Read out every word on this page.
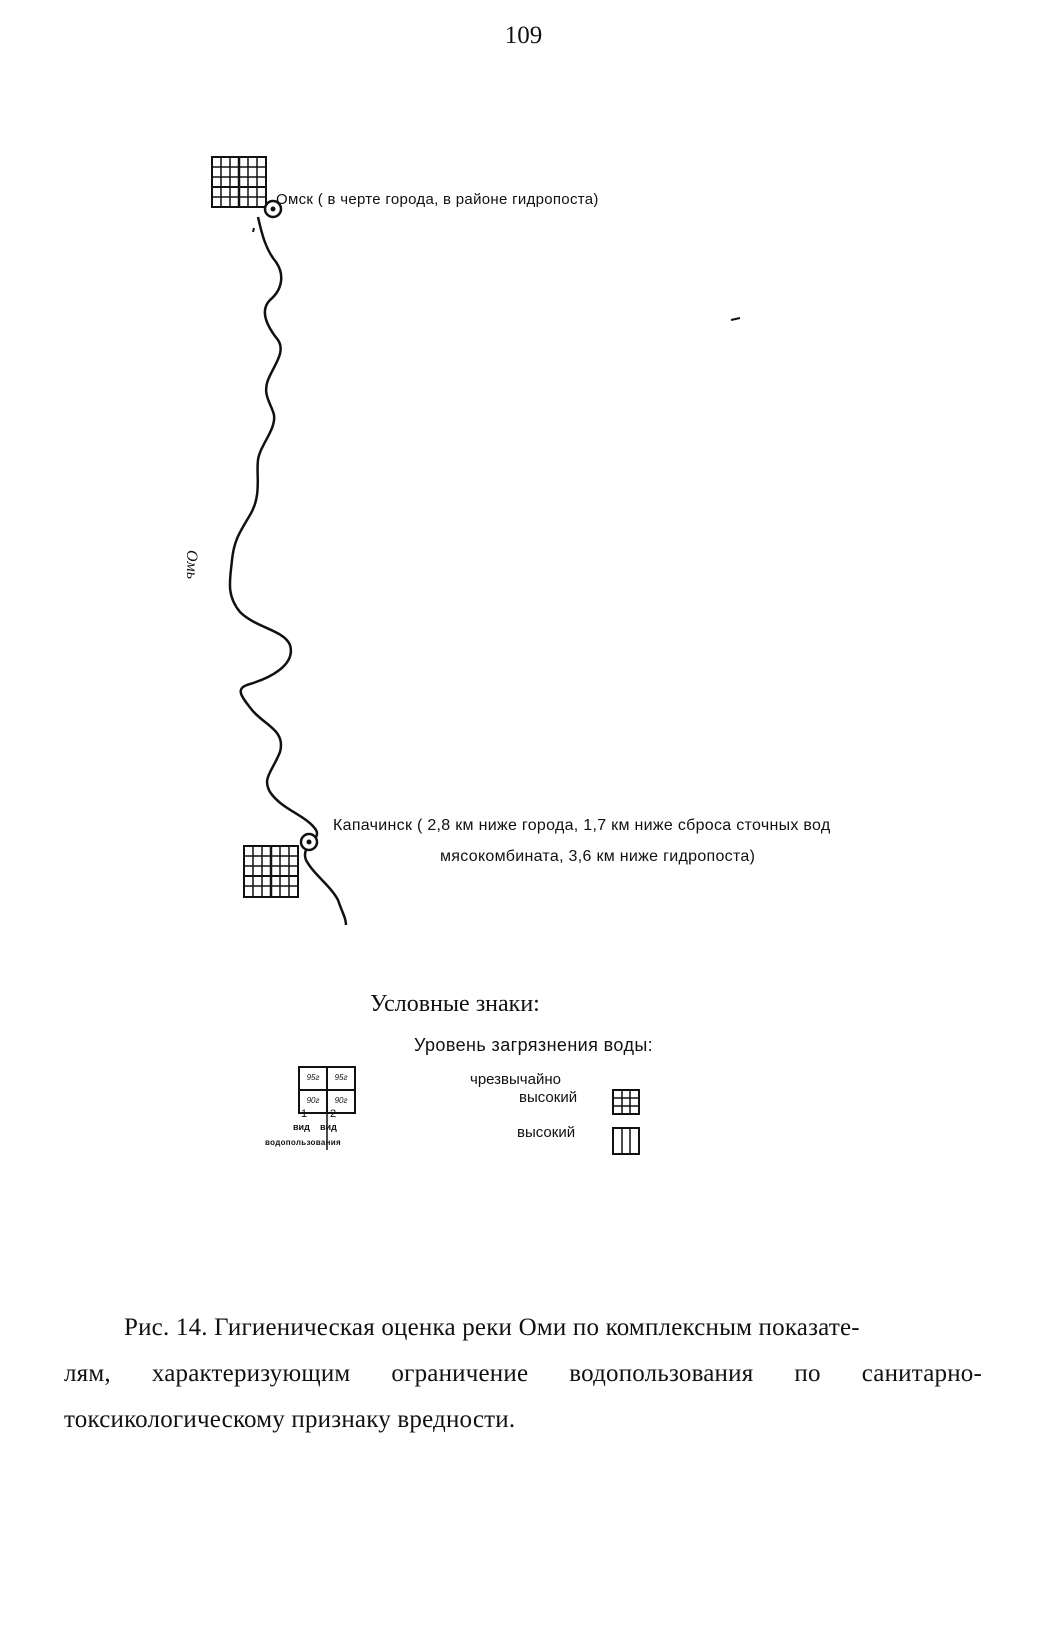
109
Омск ( в черте города, в районе гидропоста)
Капачинск ( 2,8 км ниже города, 1,7 км ниже сброса сточных вод
мясокомбината, 3,6 км ниже гидропоста)
Омь
Условные знаки:
Уровень загрязнения воды:
чрезвычайно
высокий
высокий
95г	95г
90г	90г
1 2
вид вид
водопользования
Рис. 14. Гигиеническая оценка реки Оми по комплексным показате-
лям, характеризующим ограничение водопользования по санитарно-токсикологическому признаку вредности.
